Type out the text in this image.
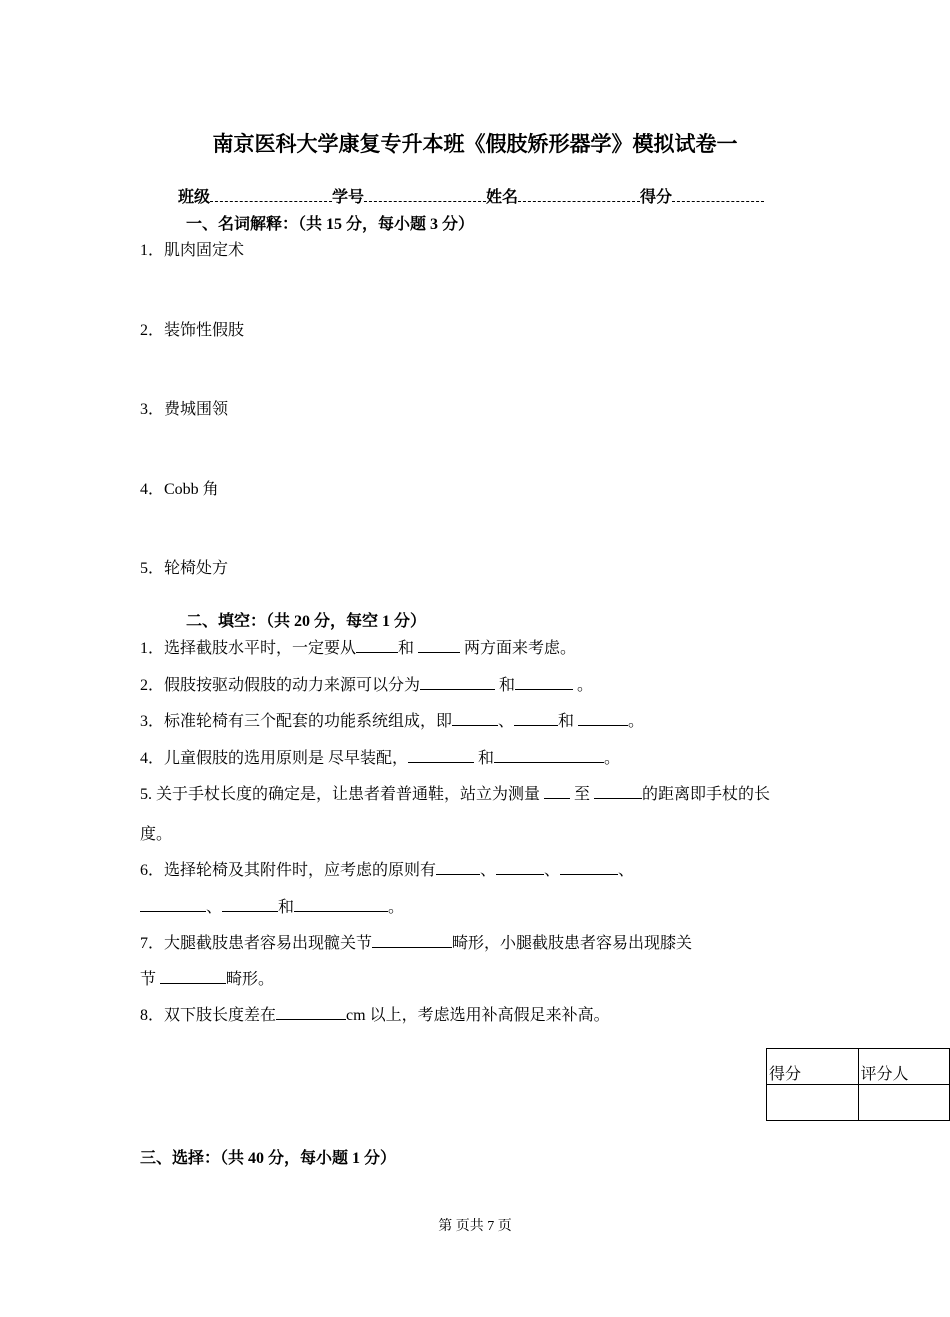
南京医科大学康复专升本班《假肢矫形器学》模拟试卷一
班级	学号	姓名	得分
一、名词解释：（共 15 分，每小题 3 分）
1．肌肉固定术
2．装饰性假肢
3．费城围领
4．Cobb 角
5．轮椅处方
二、填空：（共 20 分，每空 1 分）
1．选择截肢水平时，一定要从	和	两方面来考虑。
2．假肢按驱动假肢的动力来源可以分为	和	。
3．标准轮椅有三个配套的功能系统组成，即	、	和	。
4．儿童假肢的选用原则是 尽早装配，	和	。
5. 关于手杖长度的确定是，让患者着普通鞋，站立为测量 至	的距离即手杖的长
度。
6．选择轮椅及其附件时，应考虑的原则有	、	、	、
、	和	。
7．大腿截肢患者容易出现髋关节	畸形，小腿截肢患者容易出现膝关
节	畸形。
8．双下肢长度差在	cm 以上，考虑选用补高假足来补高。
得分	评分人

三、选择：（共 40 分，每小题 1 分）
第 页共 7 页
